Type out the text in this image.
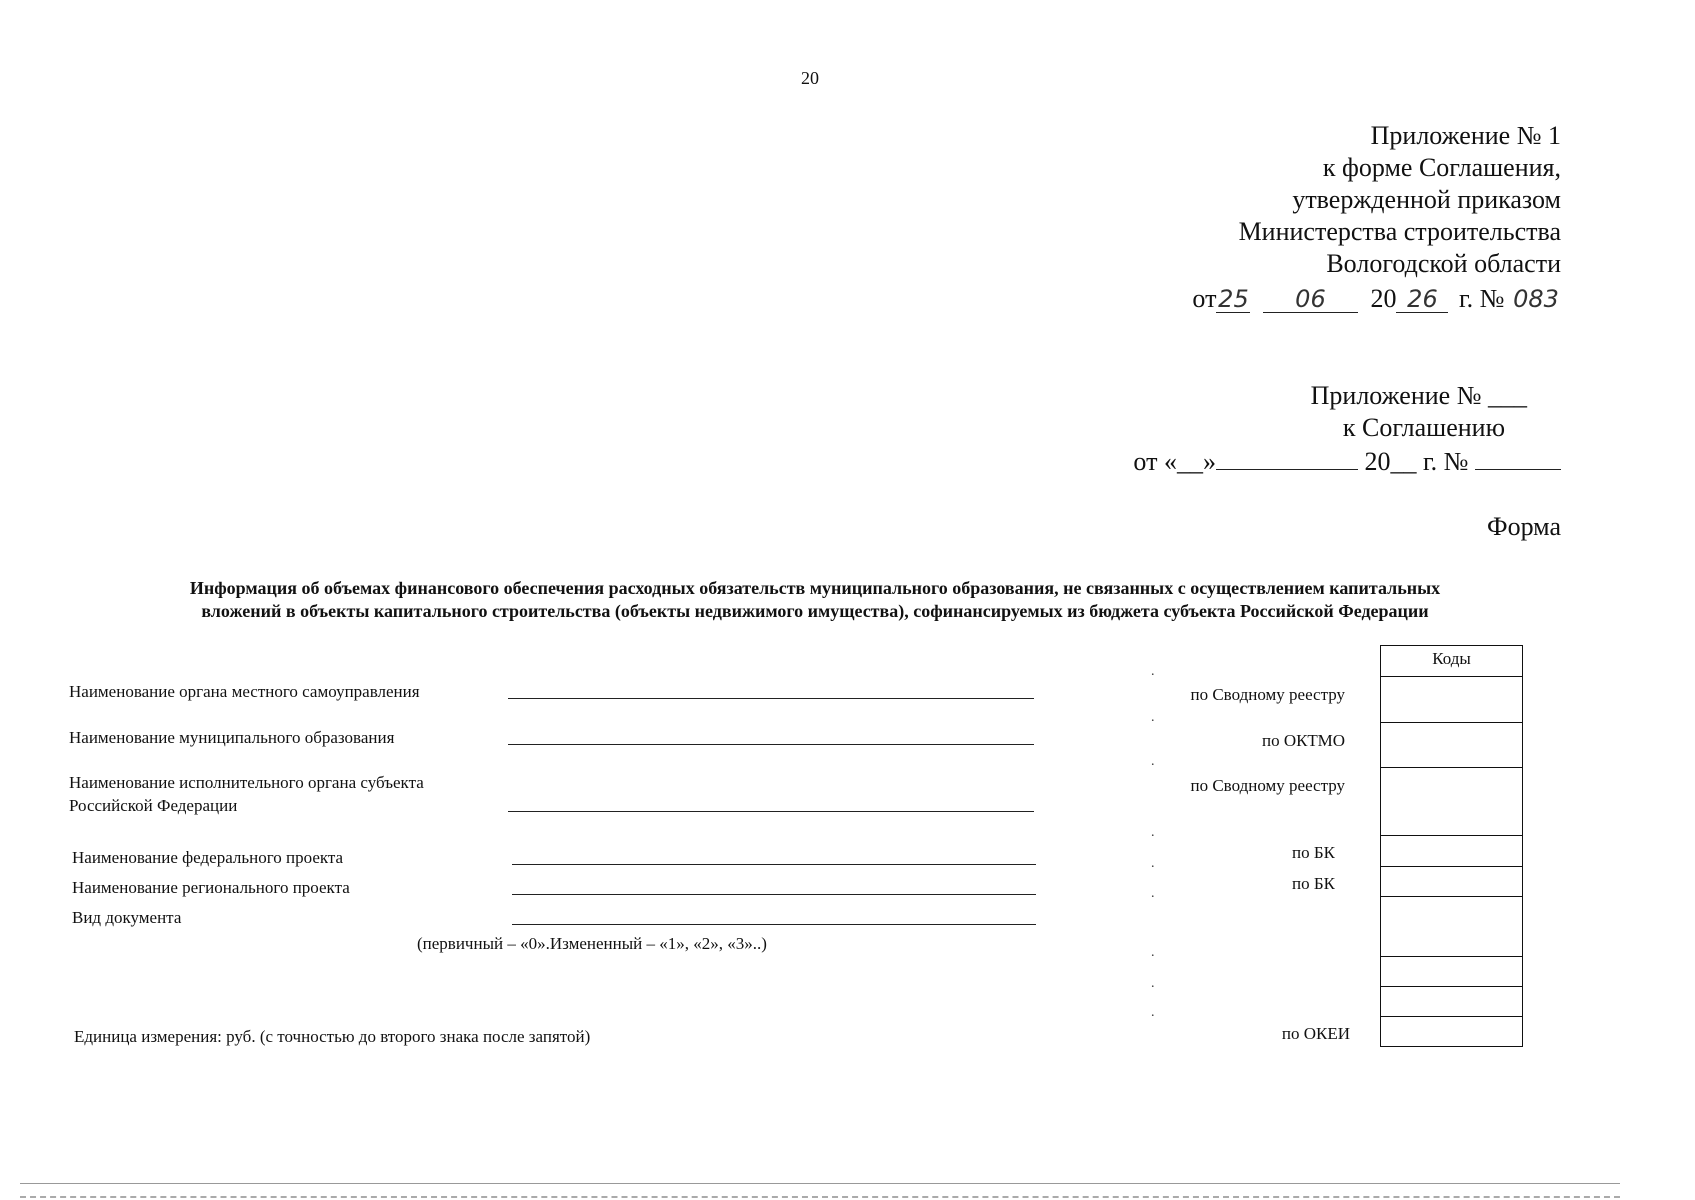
20
Приложение № 1
к форме Соглашения,
утвержденной приказом
Министерства строительства
Вологодской области
от25 06 20 26 г. № 083
Приложение № ___
к Соглашению
от «__»	20__ г. №
Форма
Информация об объемах финансового обеспечения расходных обязательств муниципального образования, не связанных с осуществлением капитальных
вложений в объекты капитального строительства (объекты недвижимого имущества), софинансируемых из бюджета субъекта Российской Федерации
Наименование органа местного самоуправления
Наименование муниципального образования
Наименование исполнительного органа субъекта
Российской Федерации
Наименование федерального проекта
Наименование регионального проекта
Вид документа
(первичный – «0».Измененный – «1», «2», «3»..)
Единица измерения: руб. (с точностью до второго знака после запятой)
.
.
.
.
.
.
.
.
.
по Сводному реестру
по ОКТМО
по Сводному реестру
по БК
по БК
по ОКЕИ
Коды
